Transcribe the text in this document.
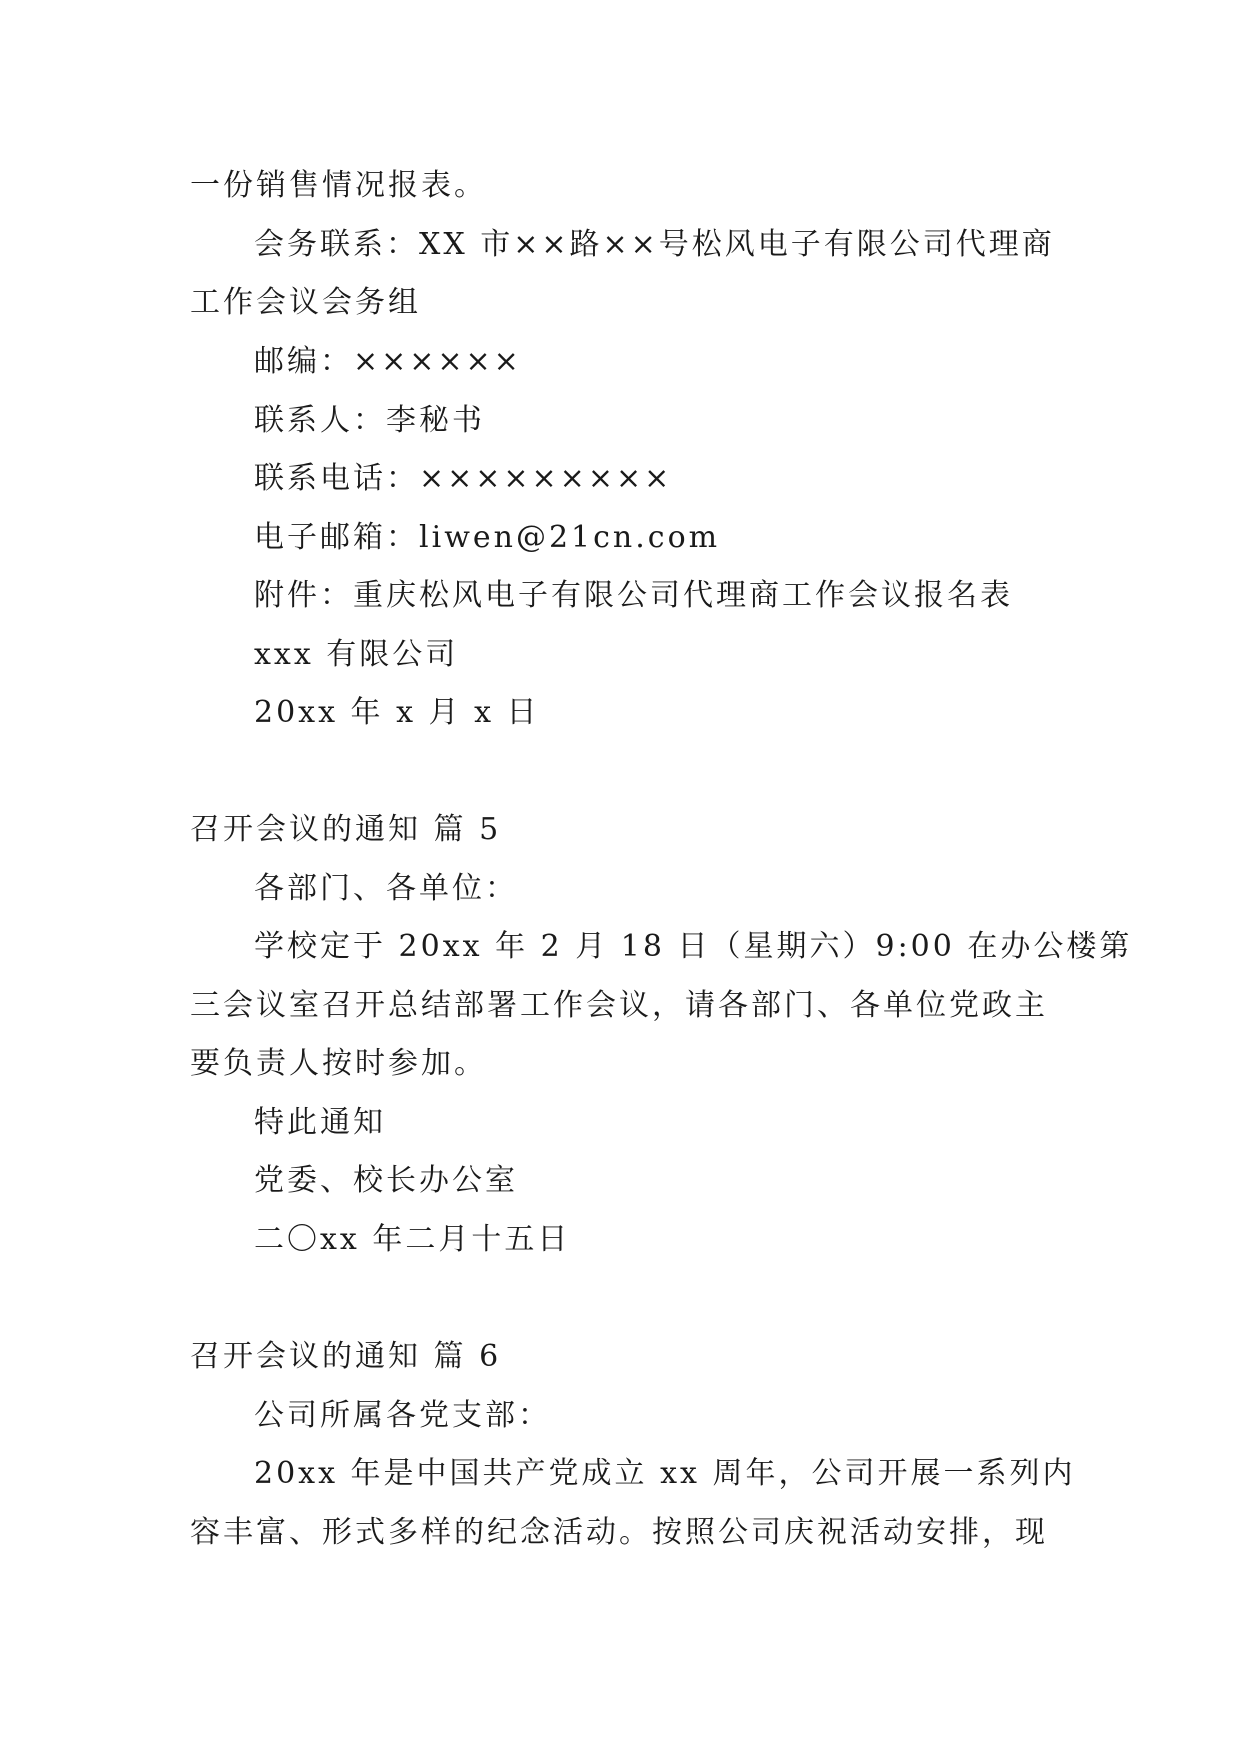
一份销售情况报表。
会务联系：XX 市××路××号松风电子有限公司代理商
工作会议会务组
邮编：××××××
联系人：李秘书
联系电话：×××××××××
电子邮箱：liwen@21cn.com
附件：重庆松风电子有限公司代理商工作会议报名表
xxx 有限公司
20xx 年 x 月 x 日
召开会议的通知 篇 5
各部门、各单位：
学校定于 20xx 年 2 月 18 日（星期六）9:00 在办公楼第
三会议室召开总结部署工作会议，请各部门、各单位党政主
要负责人按时参加。
特此通知
党委、校长办公室
二〇xx 年二月十五日
召开会议的通知 篇 6
公司所属各党支部：
20xx 年是中国共产党成立 xx 周年，公司开展一系列内
容丰富、形式多样的纪念活动。按照公司庆祝活动安排，现
